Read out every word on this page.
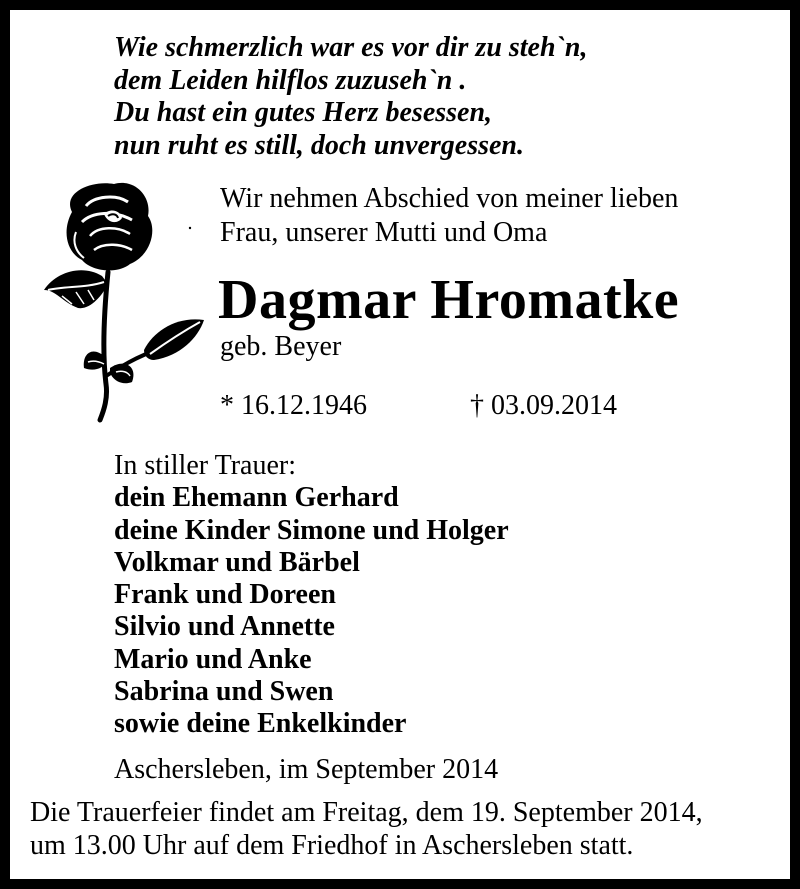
Wie schmerzlich war es vor dir zu steh`n,
dem Leiden hilflos zuzuseh`n .
Du hast ein gutes Herz besessen,
nun ruht es still, doch unvergessen.
Wir nehmen Abschied von meiner lieben
Frau, unserer Mutti und Oma
Dagmar Hromatke
geb. Beyer
* 16.12.1946	† 03.09.2014
In stiller Trauer:
dein Ehemann Gerhard
deine Kinder Simone und Holger
Volkmar und Bärbel
Frank und Doreen
Silvio und Annette
Mario und Anke
Sabrina und Swen
sowie deine Enkelkinder
Aschersleben, im September 2014
Die Trauerfeier findet am Freitag, dem 19. September 2014,
um 13.00 Uhr auf dem Friedhof in Aschersleben statt.
